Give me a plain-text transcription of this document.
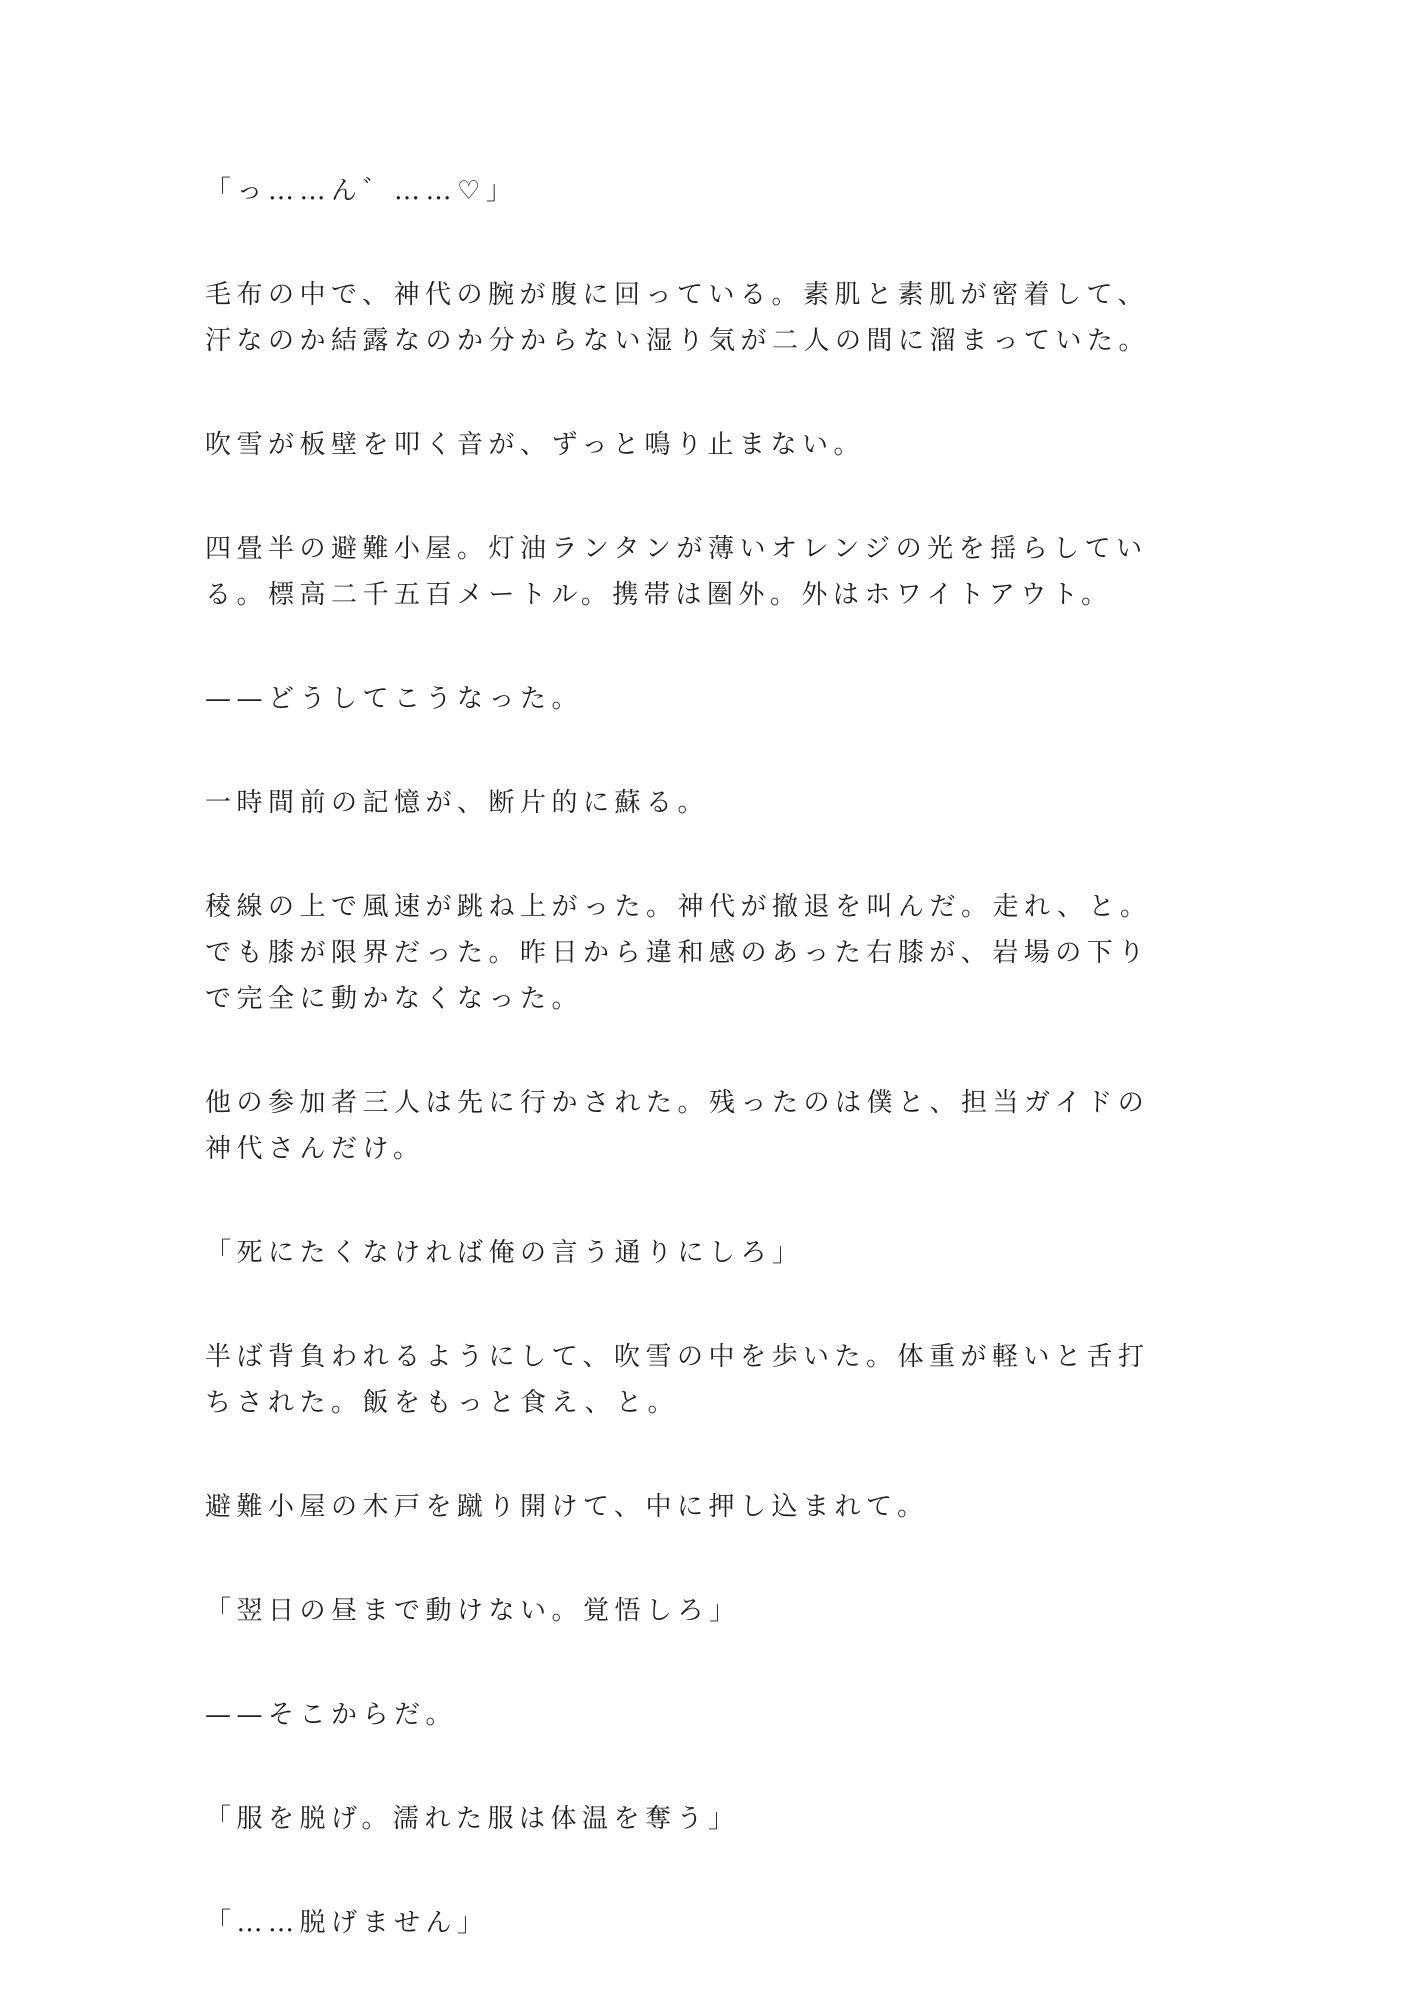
「っ……ん゛……♡」

毛布の中で、神代の腕が腹に回っている。素肌と素肌が密着して、
汗なのか結露なのか分からない湿り気が二人の間に溜まっていた。

吹雪が板壁を叩く音が、ずっと鳴り止まない。

四畳半の避難小屋。灯油ランタンが薄いオレンジの光を揺らしてい
る。標高二千五百メートル。携帯は圏外。外はホワイトアウト。

——どうしてこうなった。

一時間前の記憶が、断片的に蘇る。

稜線の上で風速が跳ね上がった。神代が撤退を叫んだ。走れ、と。
でも膝が限界だった。昨日から違和感のあった右膝が、岩場の下り
で完全に動かなくなった。

他の参加者三人は先に行かされた。残ったのは僕と、担当ガイドの
神代さんだけ。

「死にたくなければ俺の言う通りにしろ」

半ば背負われるようにして、吹雪の中を歩いた。体重が軽いと舌打
ちされた。飯をもっと食え、と。

避難小屋の木戸を蹴り開けて、中に押し込まれて。

「翌日の昼まで動けない。覚悟しろ」

——そこからだ。

「服を脱げ。濡れた服は体温を奪う」

「……脱げません」
